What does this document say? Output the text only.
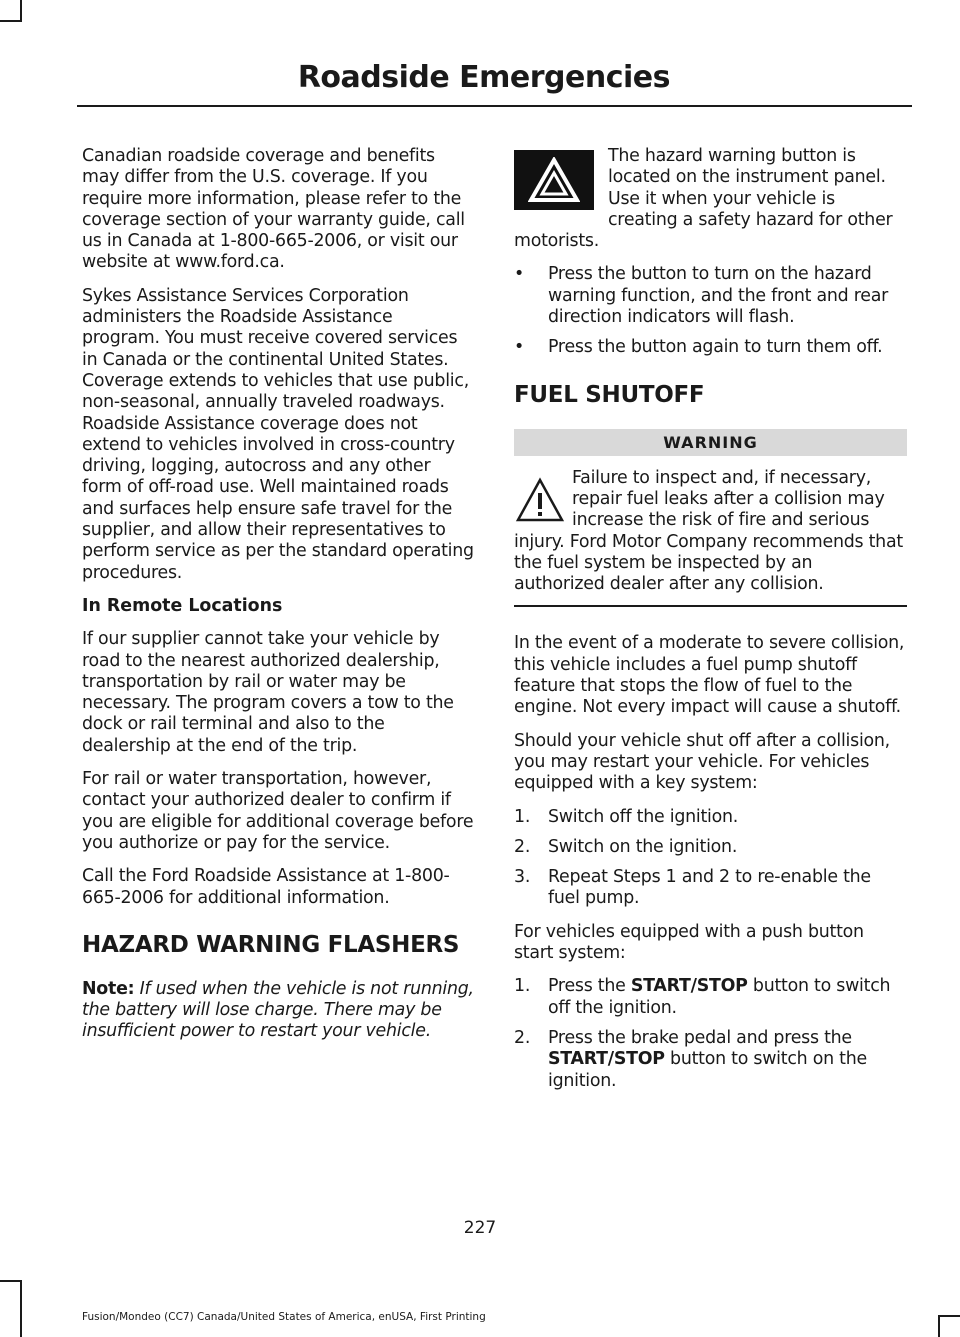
Roadside Emergencies

Canadian roadside coverage and benefits may differ from the U.S. coverage. If you require more information, please refer to the coverage section of your warranty guide, call us in Canada at 1-800-665-2006, or visit our website at www.ford.ca.

Sykes Assistance Services Corporation administers the Roadside Assistance program. You must receive covered services in Canada or the continental United States. Coverage extends to vehicles that use public, non-seasonal, annually traveled roadways. Roadside Assistance coverage does not extend to vehicles involved in cross-country driving, logging, autocross and any other form of off-road use. Well maintained roads and surfaces help ensure safe travel for the supplier, and allow their representatives to perform service as per the standard operating procedures.

In Remote Locations

If our supplier cannot take your vehicle by road to the nearest authorized dealership, transportation by rail or water may be necessary. The program covers a tow to the dock or rail terminal and also to the dealership at the end of the trip.

For rail or water transportation, however, contact your authorized dealer to confirm if you are eligible for additional coverage before you authorize or pay for the service.

Call the Ford Roadside Assistance at 1-800-665-2006 for additional information.

HAZARD WARNING FLASHERS

Note: If used when the vehicle is not running, the battery will lose charge. There may be insufficient power to restart your vehicle.

The hazard warning button is located on the instrument panel. Use it when your vehicle is creating a safety hazard for other motorists.

• Press the button to turn on the hazard warning function, and the front and rear direction indicators will flash.
• Press the button again to turn them off.
FUEL SHUTOFF
WARNING

Failure to inspect and, if necessary, repair fuel leaks after a collision may increase the risk of fire and serious injury. Ford Motor Company recommends that the fuel system be inspected by an authorized dealer after any collision.

In the event of a moderate to severe collision, this vehicle includes a fuel pump shutoff feature that stops the flow of fuel to the engine. Not every impact will cause a shutoff.

Should your vehicle shut off after a collision, you may restart your vehicle. For vehicles equipped with a key system:

1. Switch off the ignition.
2. Switch on the ignition.
3. Repeat Steps 1 and 2 to re-enable the fuel pump.

For vehicles equipped with a push button start system:

1. Press the START/STOP button to switch off the ignition.
2. Press the brake pedal and press the START/STOP button to switch on the ignition.
227
Fusion/Mondeo (CC7) Canada/United States of America, enUSA, First Printing
